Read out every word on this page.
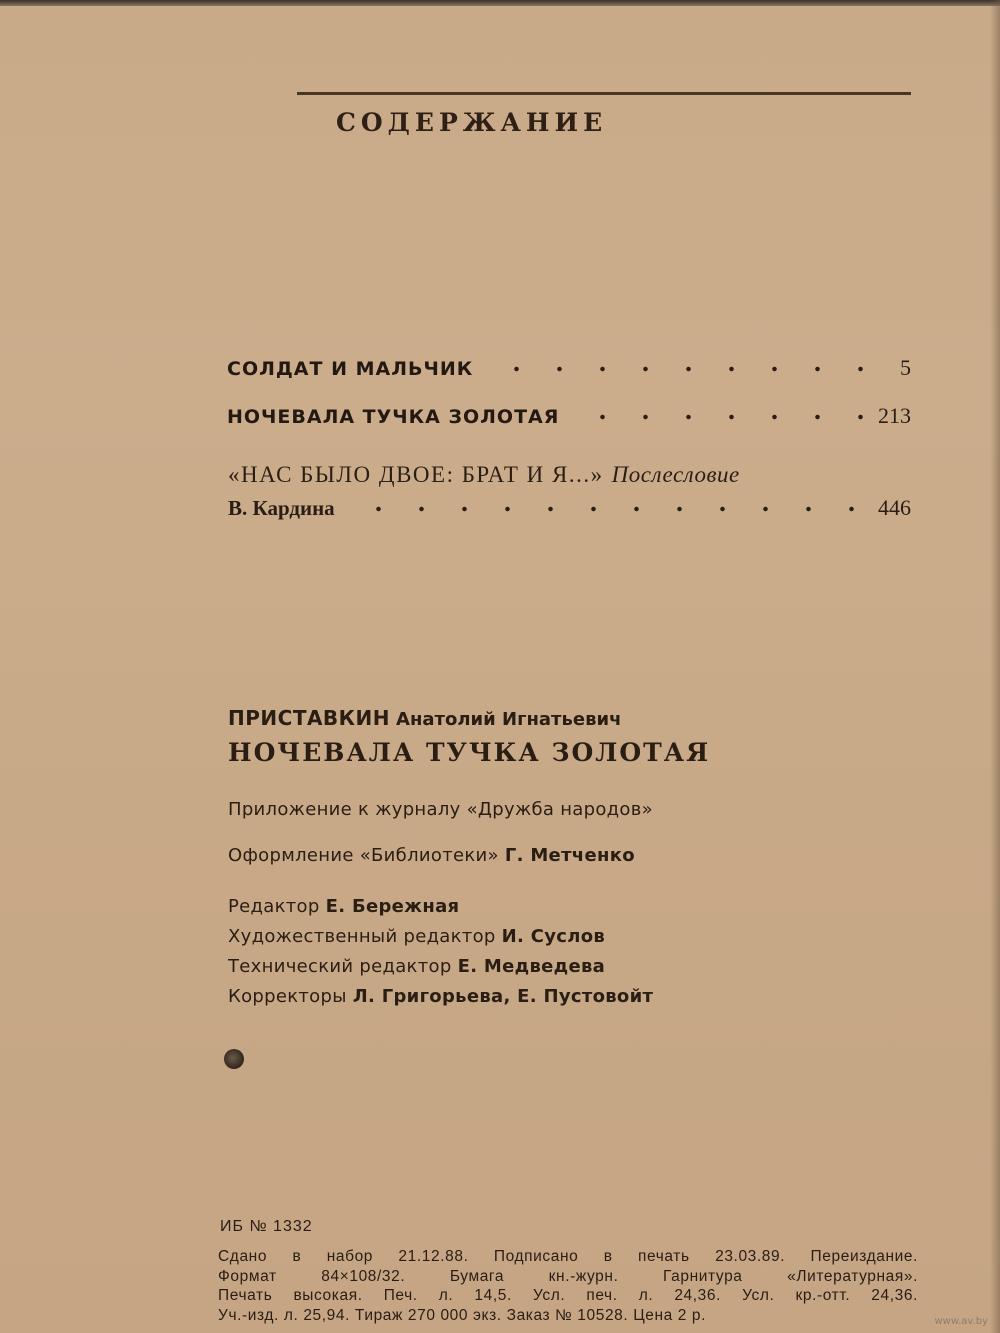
СОДЕРЖАНИЕ
СОЛДАТ И МАЛЬЧИК	5
НОЧЕВАЛА ТУЧКА ЗОЛОТАЯ	213
«НАС БЫЛО ДВОЕ: БРАТ И Я...» Послесловие
В. Кардина	446
ПРИСТАВКИН Анатолий Игнатьевич
НОЧЕВАЛА ТУЧКА ЗОЛОТАЯ
Приложение к журналу «Дружба народов»
Оформление «Библиотеки» Г. Метченко
Редактор Е. Бережная
Художественный редактор И. Суслов
Технический редактор Е. Медведева
Корректоры Л. Григорьева, Е. Пустовойт
ИБ № 1332
Сдано в набор 21.12.88. Подписано в печать 23.03.89. Переиздание.
Формат 84×108/32. Бумага кн.-журн. Гарнитура «Литературная».
Печать высокая. Печ. л. 14,5. Усл. печ. л. 24,36. Усл. кр.-отт. 24,36.
Уч.-изд. л. 25,94. Тираж 270 000 экз. Заказ № 10528. Цена 2 р.	www.av.by
